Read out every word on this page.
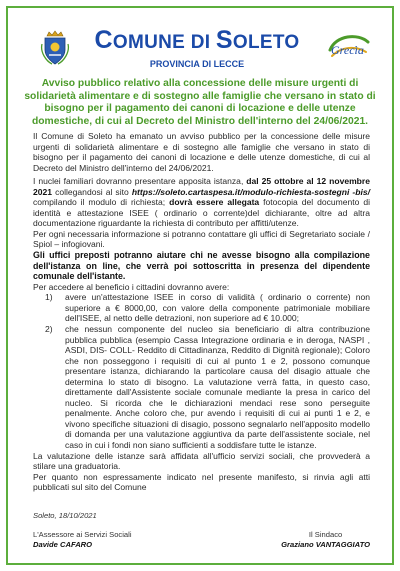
COMUNE DI SOLETO
PROVINCIA DI LECCE
Grecìa
Avviso pubblico relativo alla concessione delle misure urgenti di solidarietà alimentare e di sostegno alle famiglie che versano in stato di bisogno per il pagamento dei canoni di locazione e delle utenze domestiche, di cui al Decreto del Ministro dell'interno del 24/06/2021.

Il Comune di Soleto ha emanato un avviso pubblico per la concessione delle misure urgenti di solidarietà alimentare e di sostegno alle famiglie che versano in stato di bisogno per il pagamento dei canoni di locazione e delle utenze domestiche, di cui al Decreto del Ministro dell'interno del 24/06/2021.

I nuclei familiari dovranno presentare apposita istanza, dal 25 ottobre al 12 novembre 2021 collegandosi al sito https://soleto.cartaspesa.it/modulo-richiesta-sostegni -bis/ compilando il modulo di richiesta; dovrà essere allegata fotocopia del documento di identità e attestazione ISEE ( ordinario o corrente)del dichiarante, oltre ad altra documentazione riguardante la richiesta di contributo per affitti/utenze.

Per ogni necessaria informazione si potranno contattare gli uffici di Segretariato sociale / Spiol – infogiovani.

Gli uffici preposti potranno aiutare chi ne avesse bisogno alla compilazione dell'istanza on line, che verrà poi sottoscritta in presenza del dipendente comunale dell'istante.

Per accedere al beneficio i cittadini dovranno avere:

1) avere un'attestazione ISEE in corso di validità ( ordinario o corrente) non superiore a € 8000,00, con valore della componente patrimoniale mobiliare dell'ISEE, al netto delle detrazioni, non superiore ad € 10.000;
2) che nessun componente del nucleo sia beneficiario di altra contribuzione pubblica pubblica (esempio Cassa Integrazione ordinaria e in deroga, NASPI , ASDI, DIS- COLL- Reddito di Cittadinanza, Reddito di Dignità regionale); Coloro che non posseggono i requisiti di cui al punto 1 e 2, possono comunque presentare istanza, dichiarando la particolare causa del disagio attuale che determina lo stato di bisogno. La valutazione verrà fatta, in questo caso, direttamente dall'Assistente sociale comunale mediante la presa in carico del nucleo. Si ricorda che le dichiarazioni mendaci rese sono perseguite penalmente. Anche coloro che, pur avendo i requisiti di cui ai punti 1 e 2, e vivono specifiche situazioni di disagio, possono segnalarlo nell'apposito modello di domanda per una valutazione aggiuntiva da parte dell'assistente sociale, nel caso in cui i fondi non siano sufficienti a soddisfare tutte le istanze.

La valutazione delle istanze sarà affidata all'ufficio servizi sociali, che provvederà a stilare una graduatoria.

Per quanto non espressamente indicato nel presente manifesto, si rinvia agli atti pubblicati sul sito del Comune

Soleto, 18/10/2021
L'Assessore ai Servizi Sociali
Davide CAFARO
Il Sindaco
Graziano VANTAGGIATO
